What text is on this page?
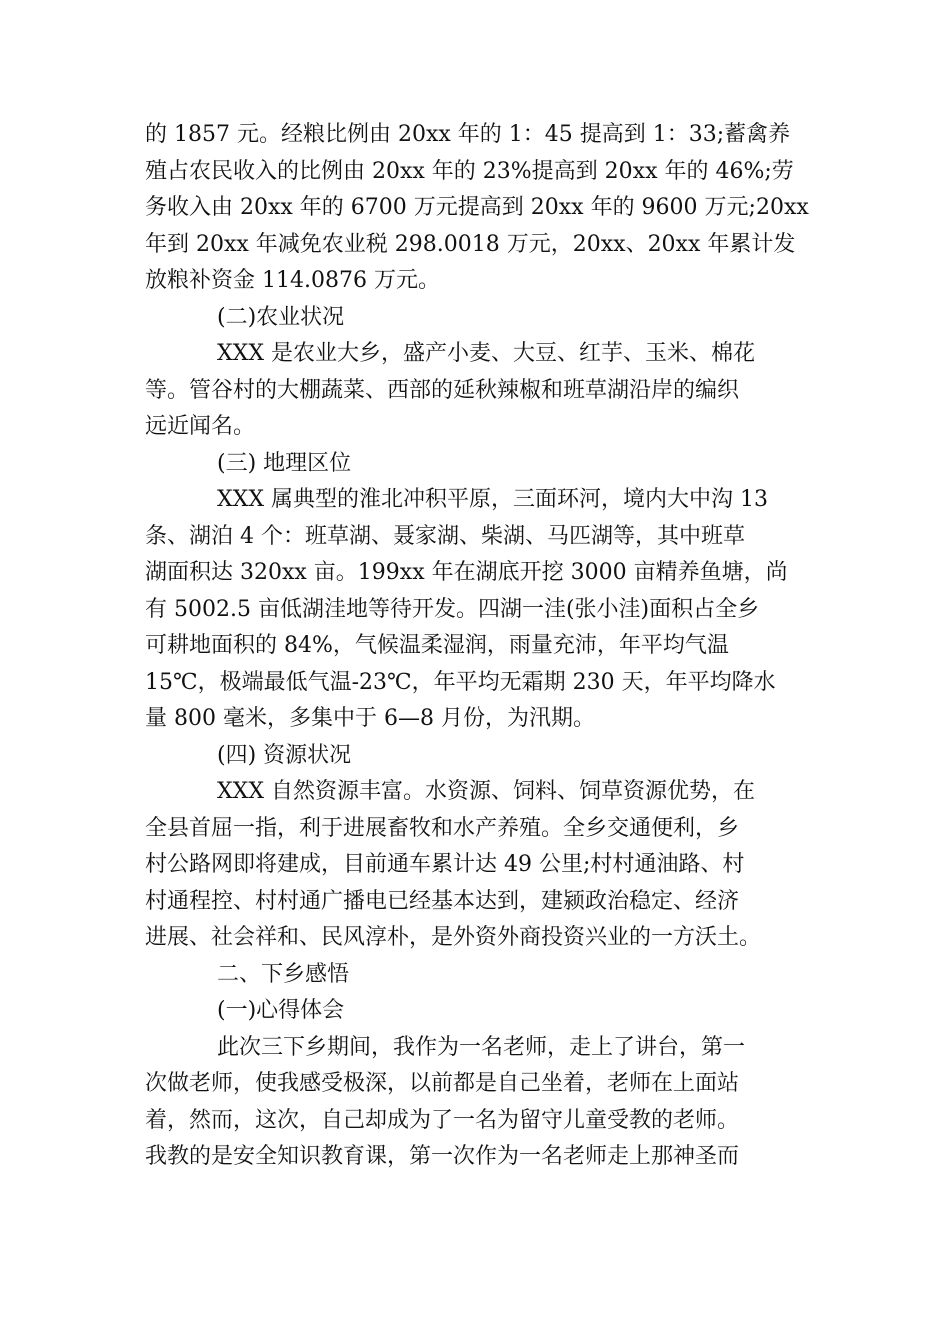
的 1857 元。经粮比例由 20xx 年的 1：45 提高到 1：33;蓄禽养
殖占农民收入的比例由 20xx 年的 23%提高到 20xx 年的 46%;劳
务收入由 20xx 年的 6700 万元提高到 20xx 年的 9600 万元;20xx
年到 20xx 年减免农业税 298.0018 万元，20xx、20xx 年累计发
放粮补资金 114.0876 万元。
(二)农业状况
XXX 是农业大乡，盛产小麦、大豆、红芋、玉米、棉花
等。管谷村的大棚蔬菜、西部的延秋辣椒和班草湖沿岸的编织
远近闻名。
(三) 地理区位
XXX 属典型的淮北冲积平原，三面环河，境内大中沟 13
条、湖泊 4 个：班草湖、聂家湖、柴湖、马匹湖等，其中班草
湖面积达 320xx 亩。199xx 年在湖底开挖 3000 亩精养鱼塘，尚
有 5002.5 亩低湖洼地等待开发。四湖一洼(张小洼)面积占全乡
可耕地面积的 84%，气候温柔湿润，雨量充沛，年平均气温
15℃，极端最低气温-23℃，年平均无霜期 230 天，年平均降水
量 800 毫米，多集中于 6—8 月份，为汛期。
(四) 资源状况
XXX 自然资源丰富。水资源、饲料、饲草资源优势，在
全县首屈一指，利于进展畜牧和水产养殖。全乡交通便利，乡
村公路网即将建成，目前通车累计达 49 公里;村村通油路、村
村通程控、村村通广播电已经基本达到，建颍政治稳定、经济
进展、社会祥和、民风淳朴，是外资外商投资兴业的一方沃土。
二、下乡感悟
(一)心得体会
此次三下乡期间，我作为一名老师，走上了讲台，第一
次做老师，使我感受极深，以前都是自己坐着，老师在上面站
着，然而，这次，自己却成为了一名为留守儿童受教的老师。
我教的是安全知识教育课，第一次作为一名老师走上那神圣而
